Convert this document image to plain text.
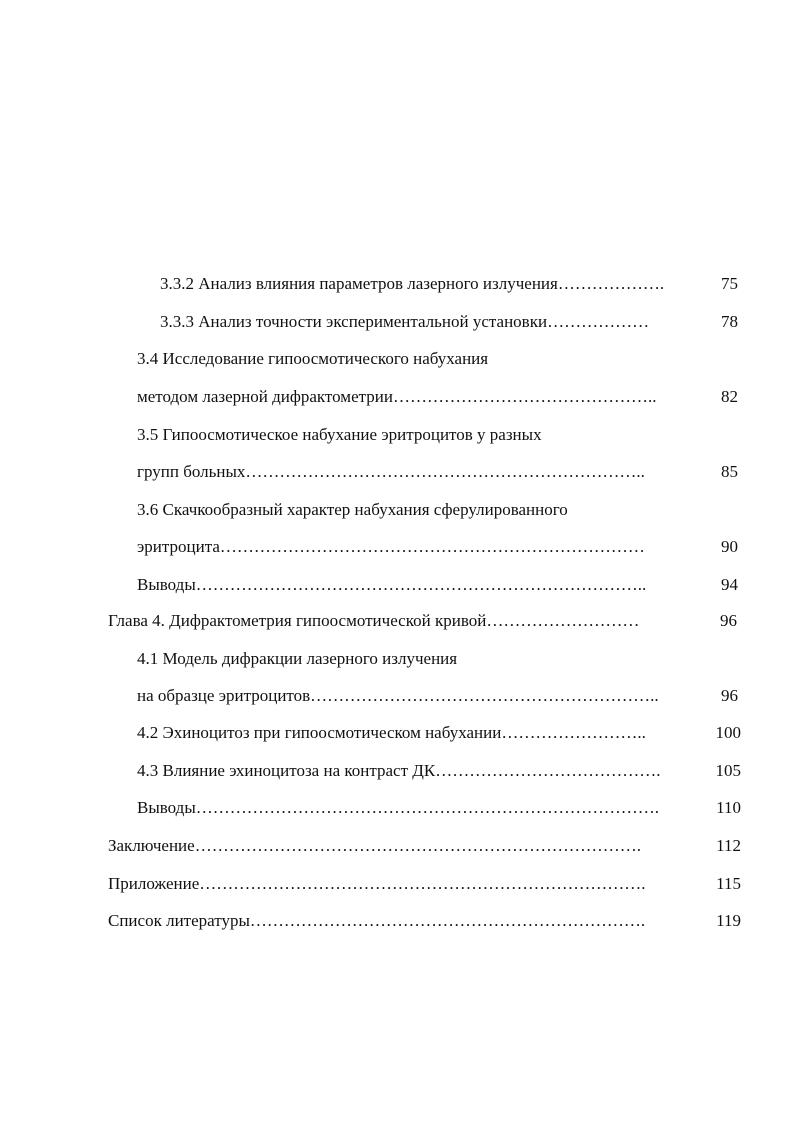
3.3.2 Анализ влияния параметров лазерного излучения……………….	75
3.3.3 Анализ точности экспериментальной установки………………	78
3.4 Исследование гипоосмотического набухания
методом лазерной дифрактометрии………………………………………..	82
3.5 Гипоосмотическое набухание эритроцитов у разных
групп больных……………………………………………………………..	85
3.6 Скачкообразный характер набухания сферулированного
эритроцита…………………………………………………………………	90
Выводы……………………………………………………………………..	94
Глава 4. Дифрактометрия гипоосмотической кривой………………………	96
4.1 Модель дифракции лазерного излучения
на образце эритроцитов……………………………………………………..	96
4.2 Эхиноцитоз при гипоосмотическом набухании……………………..	100
4.3 Влияние эхиноцитоза на контраст ДК………………………………….	105
Выводы……………………………………………………………………….	110
Заключение…………………………………………………………………….	112
Приложение…………………………………………………………………….	115
Список литературы…………………………………………………………….	119
